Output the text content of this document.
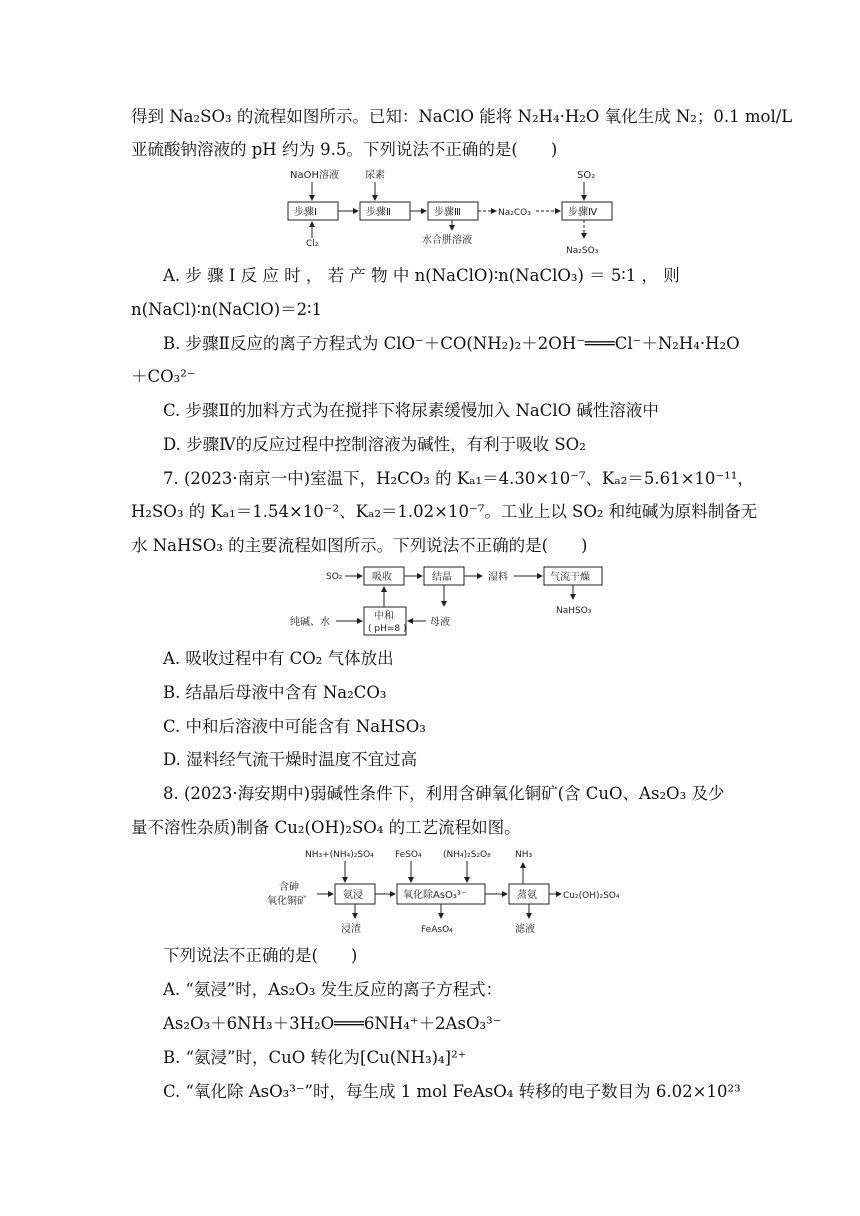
得到 Na₂SO₃ 的流程如图所示。已知：NaClO 能将 N₂H₄·H₂O 氧化生成 N₂；0.1 mol/L
亚硫酸钠溶液的 pH 约为 9.5。下列说法不正确的是(　　)
NaOH溶液	尿素	SO₂
步骤Ⅰ	步骤Ⅱ	步骤Ⅲ	Na₂CO₃	步骤Ⅳ
Cl₂	水合肼溶液
Na₂SO₃
A. 步 骤 Ⅰ 反 应 时 ， 若 产 物 中 n(NaClO)∶n(NaClO₃) ＝ 5∶1 ， 则
n(NaCl)∶n(NaClO)＝2∶1
B. 步骤Ⅱ反应的离子方程式为 ClO⁻＋CO(NH₂)₂＋2OH⁻═══Cl⁻＋N₂H₄·H₂O
＋CO₃²⁻
C. 步骤Ⅱ的加料方式为在搅拌下将尿素缓慢加入 NaClO 碱性溶液中
D. 步骤Ⅳ的反应过程中控制溶液为碱性，有利于吸收 SO₂
7. (2023·南京一中)室温下，H₂CO₃ 的 Kₐ₁＝4.30×10⁻⁷、Kₐ₂＝5.61×10⁻¹¹，
H₂SO₃ 的 Kₐ₁＝1.54×10⁻²、Kₐ₂＝1.02×10⁻⁷。工业上以 SO₂ 和纯碱为原料制备无
水 NaHSO₃ 的主要流程如图所示。下列说法不正确的是(　　)
SO₂	吸收	结晶	湿料	气流干燥
NaHSO₃
中和
( pH=8 )
纯碱、水	母液
A. 吸收过程中有 CO₂ 气体放出
B. 结晶后母液中含有 Na₂CO₃
C. 中和后溶液中可能含有 NaHSO₃
D. 湿料经气流干燥时温度不宜过高
8. (2023·海安期中)弱碱性条件下，利用含砷氧化铜矿(含 CuO、As₂O₃ 及少
量不溶性杂质)制备 Cu₂(OH)₂SO₄ 的工艺流程如图。
NH₃+(NH₄)₂SO₄ FeSO₄ (NH₄)₂S₂O₈	NH₃
含砷
氧化铜矿
氨浸	氧化除AsO₃³⁻	蒸氨	Cu₂(OH)₂SO₄
浸渣	FeAsO₄	滤液
下列说法不正确的是(　　)
A. “氨浸”时，As₂O₃ 发生反应的离子方程式：
As₂O₃＋6NH₃＋3H₂O═══6NH₄⁺＋2AsO₃³⁻
B. “氨浸”时，CuO 转化为[Cu(NH₃)₄]²⁺
C. “氧化除 AsO₃³⁻”时，每生成 1 mol FeAsO₄ 转移的电子数目为 6.02×10²³
